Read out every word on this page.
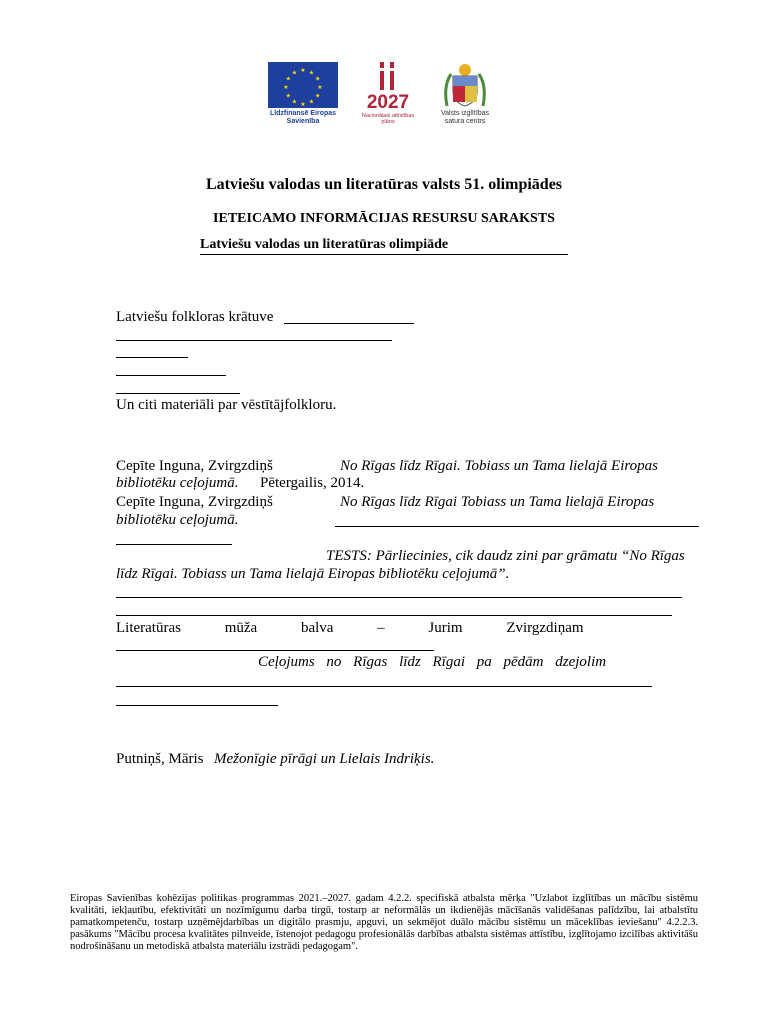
★ ★
★
★
★
★
★
★
★
★
★
★
Līdzfinansē Eiropas Savienība
2027
Nacionālais attīstības plāns
Valsts izglītības satura centrs
Latviešu valodas un literatūras valsts 51. olimpiādes
IETEICAMO INFORMĀCIJAS RESURSU SARAKSTS
Latviešu valodas un literatūras olimpiāde
Latviešu folkloras krātuve
Un citi materiāli par vēstītājfolkloru.
Cepīte Inguna, Zvirgzdiņš	No Rīgas līdz Rīgai. Tobiass un Tama lielajā Eiropas
bibliotēku ceļojumā. Pētergailis, 2014.
Cepīte Inguna, Zvirgzdiņš	No Rīgas līdz Rīgai Tobiass un Tama lielajā Eiropas
bibliotēku ceļojumā.
TESTS: Pārliecinies, cik daudz zini par grāmatu “No Rīgas
līdz Rīgai. Tobiass un Tama lielajā Eiropas bibliotēku ceļojumā”.
Literatūras mūža balva – Jurim Zvirgzdiņam
Ceļojums no Rīgas līdz Rīgai pa pēdām dzejolim
Putniņš, Māris Mežonīgie pīrāgi un Lielais Indriķis.
Eiropas Savienības kohēzijas politikas programmas 2021.–2027. gadam 4.2.2. specifiskā atbalsta mērķa "Uzlabot izglītības un mācību sistēmu kvalitāti, iekļautību, efektivitāti un nozīmīgumu darba tirgū, tostarp ar neformālās un ikdienējās mācīšanās validēšanas palīdzību, lai atbalstītu pamatkompetenču, tostarp uzņēmējdarbības un digitālo prasmju, apguvi, un sekmējot duālo mācību sistēmu un māceklības ieviešanu" 4.2.2.3. pasākums "Mācību procesa kvalitātes pilnveide, īstenojot pedagogu profesionālās darbības atbalsta sistēmas attīstību, izglītojamo izcilības aktivitāšu nodrošināšanu un metodiskā atbalsta materiālu izstrādi pedagogam".
